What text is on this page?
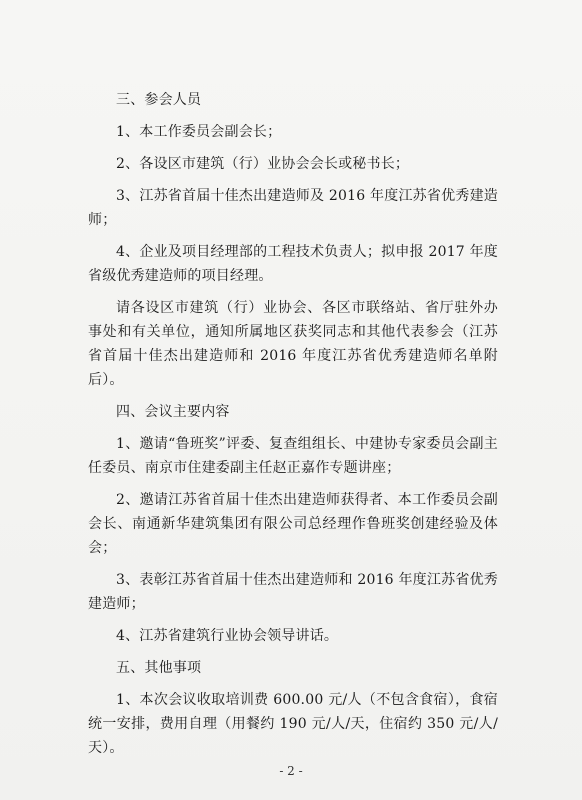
三、参会人员

1、本工作委员会副会长；

2、各设区市建筑（行）业协会会长或秘书长；

3、江苏省首届十佳杰出建造师及 2016 年度江苏省优秀建造师；

4、企业及项目经理部的工程技术负责人；拟申报 2017 年度省级优秀建造师的项目经理。

请各设区市建筑（行）业协会、各区市联络站、省厅驻外办事处和有关单位，通知所属地区获奖同志和其他代表参会（江苏省首届十佳杰出建造师和 2016 年度江苏省优秀建造师名单附后）。

四、会议主要内容

1、邀请“鲁班奖”评委、复查组组长、中建协专家委员会副主任委员、南京市住建委副主任赵正嘉作专题讲座；

2、邀请江苏省首届十佳杰出建造师获得者、本工作委员会副会长、南通新华建筑集团有限公司总经理作鲁班奖创建经验及体会；

3、表彰江苏省首届十佳杰出建造师和 2016 年度江苏省优秀建造师；

4、江苏省建筑行业协会领导讲话。

五、其他事项

1、本次会议收取培训费 600.00 元/人（不包含食宿），食宿统一安排，费用自理（用餐约 190 元/人/天，住宿约 350 元/人/天）。

- 2 -
